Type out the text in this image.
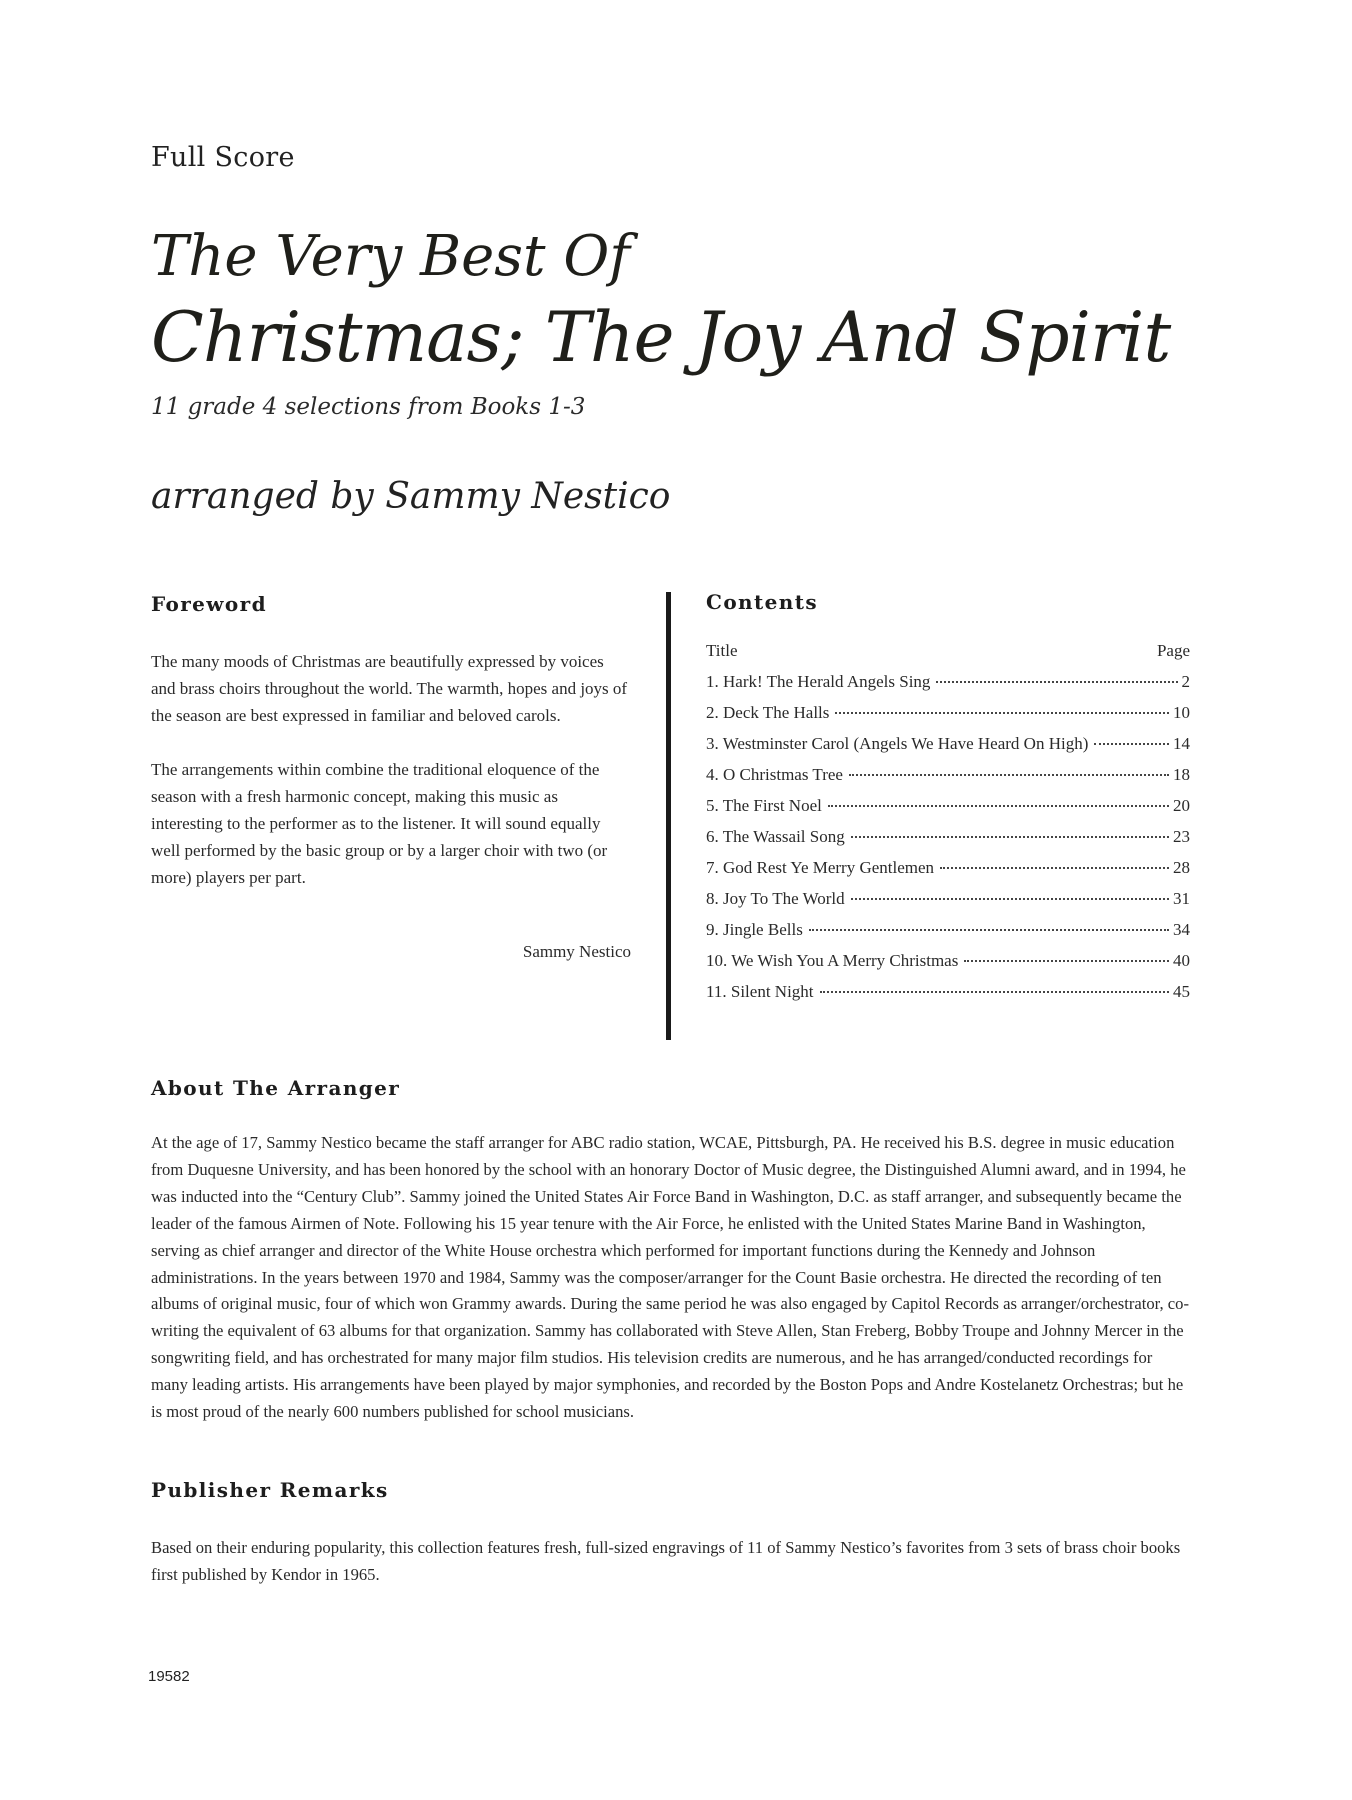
Full Score
The Very Best Of
Christmas; The Joy And Spirit
11 grade 4 selections from Books 1-3
arranged by Sammy Nestico
Foreword

The many moods of Christmas are beautifully expressed by voices and brass choirs throughout the world. The warmth, hopes and joys of the season are best expressed in familiar and beloved carols.

The arrangements within combine the traditional eloquence of the season with a fresh harmonic concept, making this music as interesting to the performer as to the listener. It will sound equally well performed by the basic group or by a larger choir with two (or more) players per part.

Sammy Nestico
Contents
Title	Page
1. Hark! The Herald Angels Sing	2
2. Deck The Halls	10
3. Westminster Carol (Angels We Have Heard On High)	14
4. O Christmas Tree	18
5. The First Noel	20
6. The Wassail Song	23
7. God Rest Ye Merry Gentlemen	28
8. Joy To The World	31
9. Jingle Bells	34
10. We Wish You A Merry Christmas	40
11. Silent Night	45
About The Arranger

At the age of 17, Sammy Nestico became the staff arranger for ABC radio station, WCAE, Pittsburgh, PA. He received his B.S. degree in music education from Duquesne University, and has been honored by the school with an honorary Doctor of Music degree, the Distinguished Alumni award, and in 1994, he was inducted into the “Century Club”. Sammy joined the United States Air Force Band in Washington, D.C. as staff arranger, and subsequently became the leader of the famous Airmen of Note. Following his 15 year tenure with the Air Force, he enlisted with the United States Marine Band in Washington, serving as chief arranger and director of the White House orchestra which performed for important functions during the Kennedy and Johnson administrations. In the years between 1970 and 1984, Sammy was the composer/arranger for the Count Basie orchestra. He directed the recording of ten albums of original music, four of which won Grammy awards. During the same period he was also engaged by Capitol Records as arranger/orchestrator, co-writing the equivalent of 63 albums for that organization. Sammy has collaborated with Steve Allen, Stan Freberg, Bobby Troupe and Johnny Mercer in the songwriting field, and has orchestrated for many major film studios. His television credits are numerous, and he has arranged/conducted recordings for many leading artists. His arrangements have been played by major symphonies, and recorded by the Boston Pops and Andre Kostelanetz Orchestras; but he is most proud of the nearly 600 numbers published for school musicians.

Publisher Remarks

Based on their enduring popularity, this collection features fresh, full-sized engravings of 11 of Sammy Nestico’s favorites from 3 sets of brass choir books first published by Kendor in 1965.

19582
